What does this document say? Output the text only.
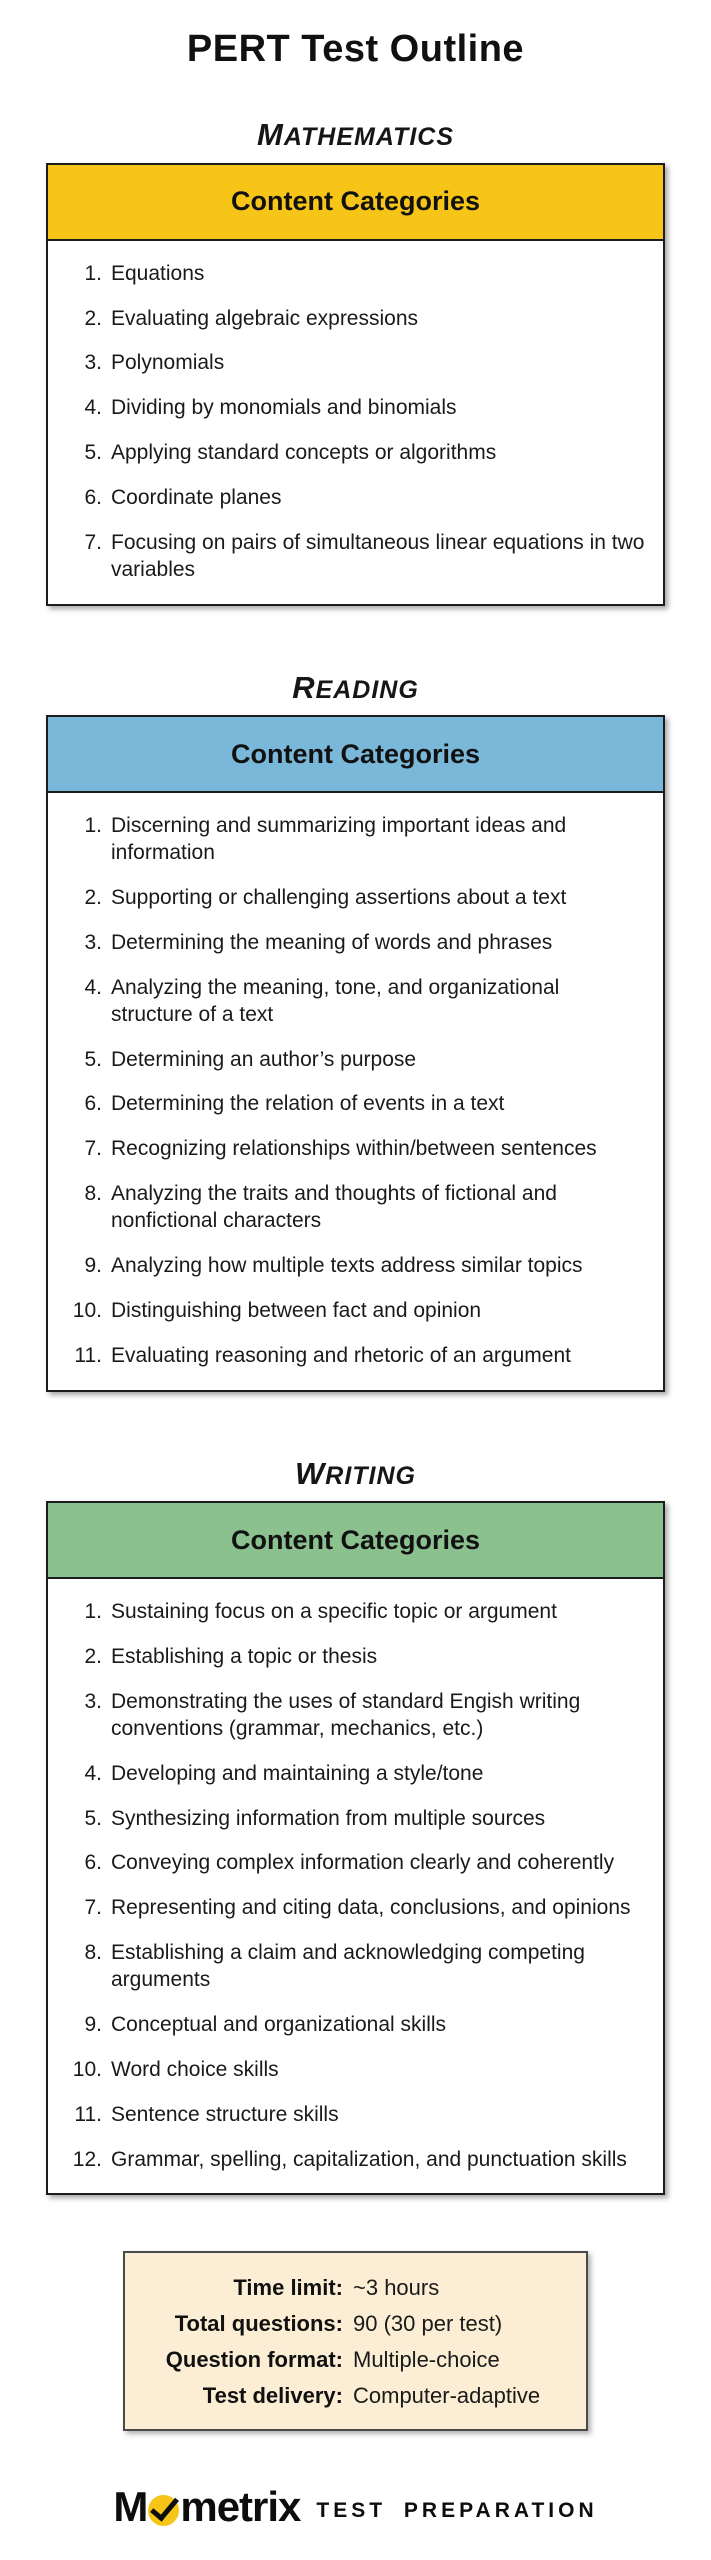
PERT Test Outline
MATHEMATICS
Content Categories
1. Equations
2. Evaluating algebraic expressions
3. Polynomials
4. Dividing by monomials and binomials
5. Applying standard concepts or algorithms
6. Coordinate planes
7. Focusing on pairs of simultaneous linear equations in two variables
READING
Content Categories
1. Discerning and summarizing important ideas and information
2. Supporting or challenging assertions about a text
3. Determining the meaning of words and phrases
4. Analyzing the meaning, tone, and organizational structure of a text
5. Determining an author’s purpose
6. Determining the relation of events in a text
7. Recognizing relationships within/between sentences
8. Analyzing the traits and thoughts of fictional and nonfictional characters
9. Analyzing how multiple texts address similar topics
10. Distinguishing between fact and opinion
11. Evaluating reasoning and rhetoric of an argument
WRITING
Content Categories
1. Sustaining focus on a specific topic or argument
2. Establishing a topic or thesis
3. Demonstrating the uses of standard Engish writing conventions (grammar, mechanics, etc.)
4. Developing and maintaining a style/tone
5. Synthesizing information from multiple sources
6. Conveying complex information clearly and coherently
7. Representing and citing data, conclusions, and opinions
8. Establishing a claim and acknowledging competing arguments
9. Conceptual and organizational skills
10. Word choice skills
11. Sentence structure skills
12. Grammar, spelling, capitalization, and punctuation skills
Time limit: ~3 hours
Total questions: 90 (30 per test)
Question format: Multiple-choice
Test delivery: Computer-adaptive
M metrix TEST PREPARATION
